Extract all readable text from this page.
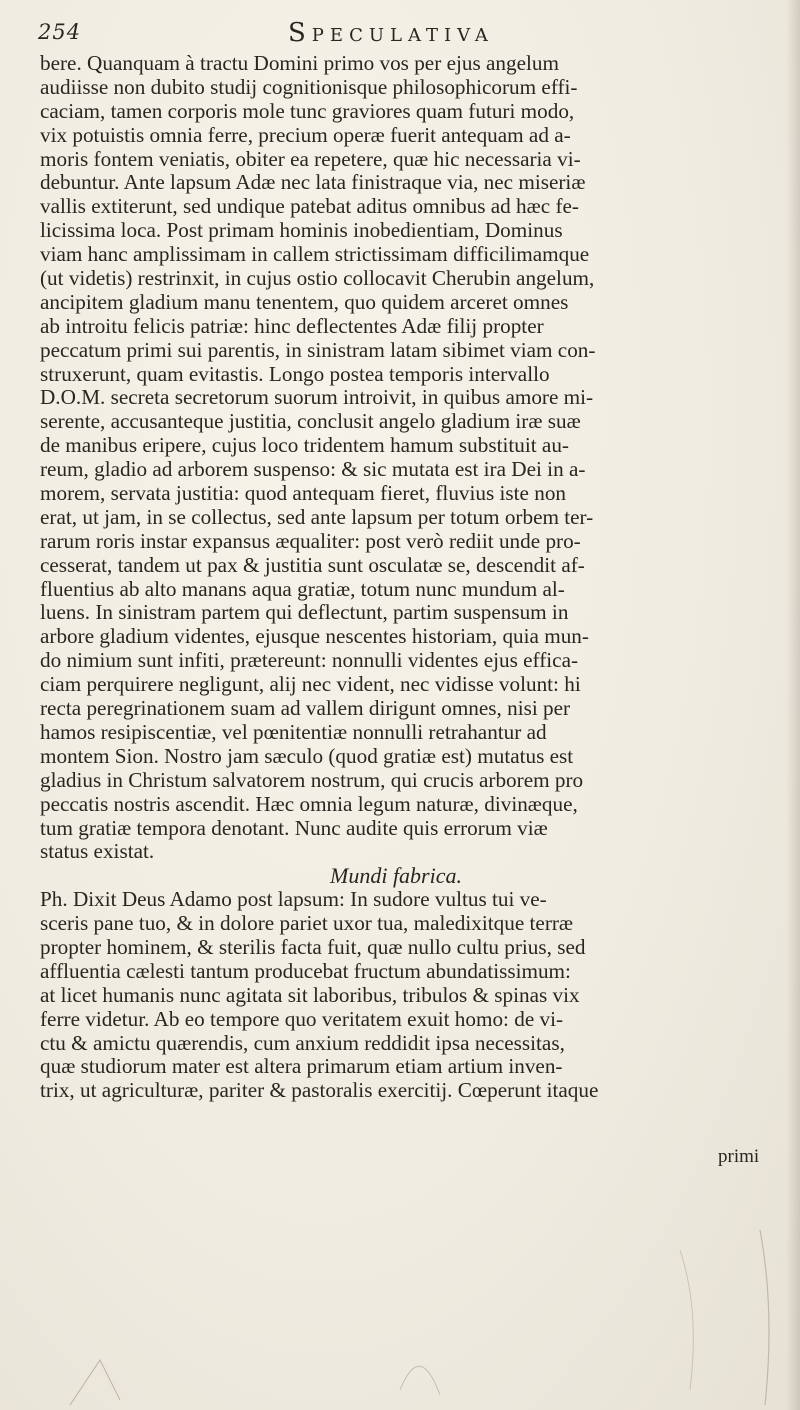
254	Speculativa
bere. Quanquam à tractu Domini primo vos per ejus angelum
audiisse non dubito studij cognitionisque philosophicorum effi-
caciam, tamen corporis mole tunc graviores quam futuri modo,
vix potuistis omnia ferre, precium operæ fuerit antequam ad a-
moris fontem veniatis, obiter ea repetere, quæ hic necessaria vi-
debuntur. Ante lapsum Adæ nec lata finistraque via, nec miseriæ
vallis extiterunt, sed undique patebat aditus omnibus ad hæc fe-
licissima loca. Post primam hominis inobedientiam, Dominus
viam hanc amplissimam in callem strictissimam difficilimamque
(ut videtis) restrinxit, in cujus ostio collocavit Cherubin angelum,
ancipitem gladium manu tenentem, quo quidem arceret omnes
ab introitu felicis patriæ: hinc deflectentes Adæ filij propter
peccatum primi sui parentis, in sinistram latam sibimet viam con-
struxerunt, quam evitastis. Longo postea temporis intervallo
D.O.M. secreta secretorum suorum introivit, in quibus amore mi-
serente, accusanteque justitia, conclusit angelo gladium iræ suæ
de manibus eripere, cujus loco tridentem hamum substituit au-
reum, gladio ad arborem suspenso: & sic mutata est ira Dei in a-
morem, servata justitia: quod antequam fieret, fluvius iste non
erat, ut jam, in se collectus, sed ante lapsum per totum orbem ter-
rarum roris instar expansus æqualiter: post verò rediit unde pro-
cesserat, tandem ut pax & justitia sunt osculatæ se, descendit af-
fluentius ab alto manans aqua gratiæ, totum nunc mundum al-
luens. In sinistram partem qui deflectunt, partim suspensum in
arbore gladium videntes, ejusque nescentes historiam, quia mun-
do nimium sunt infiti, prætereunt: nonnulli videntes ejus effica-
ciam perquirere negligunt, alij nec vident, nec vidisse volunt: hi
recta peregrinationem suam ad vallem dirigunt omnes, nisi per
hamos resipiscentiæ, vel pœnitentiæ nonnulli retrahantur ad
montem Sion. Nostro jam sæculo (quod gratiæ est) mutatus est
gladius in Christum salvatorem nostrum, qui crucis arborem pro
peccatis nostris ascendit. Hæc omnia legum naturæ, divinæque,
tum gratiæ tempora denotant. Nunc audite quis errorum viæ
status existat.
Mundi fabrica.
Ph. Dixit Deus Adamo post lapsum: In sudore vultus tui ve-
sceris pane tuo, & in dolore pariet uxor tua, maledixitque terræ
propter hominem, & sterilis facta fuit, quæ nullo cultu prius, sed
affluentia cælesti tantum producebat fructum abundatissimum:
at licet humanis nunc agitata sit laboribus, tribulos & spinas vix
ferre videtur. Ab eo tempore quo veritatem exuit homo: de vi-
ctu & amictu quærendis, cum anxium reddidit ipsa necessitas,
quæ studiorum mater est altera primarum etiam artium inven-
trix, ut agriculturæ, pariter & pastoralis exercitij. Cœperunt itaque
primi
